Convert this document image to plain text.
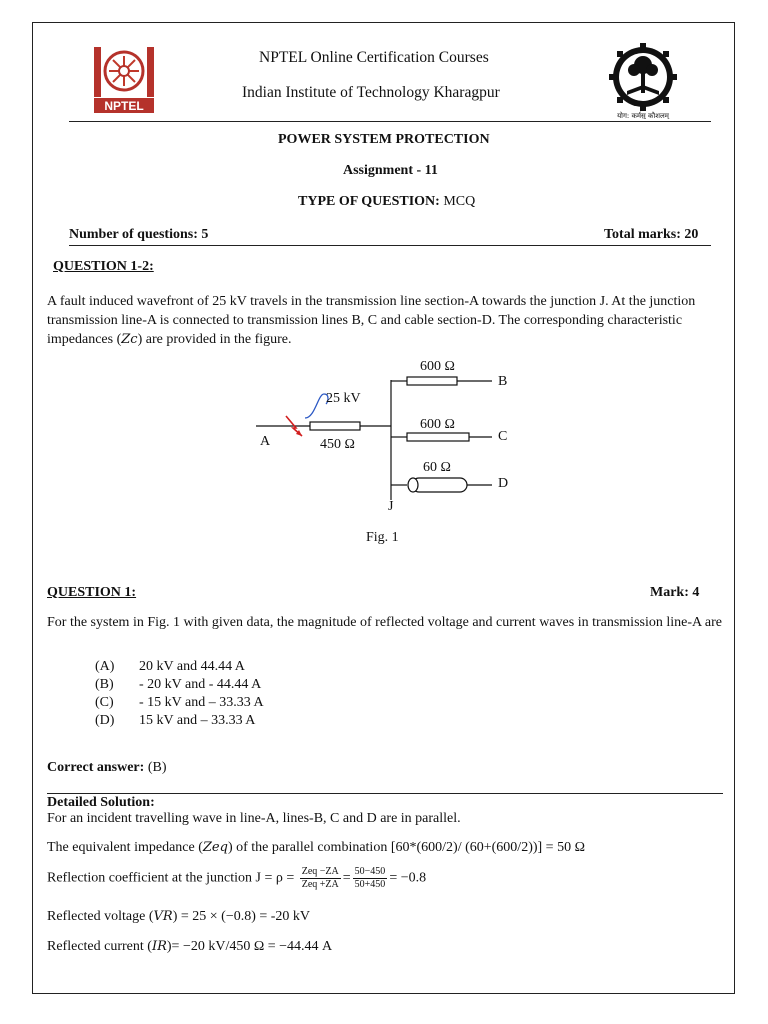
NPTEL
योग: कर्मसु कौशलम्
NPTEL Online Certification Courses
Indian Institute of Technology Kharagpur
POWER SYSTEM PROTECTION
Assignment - 11
TYPE OF QUESTION: MCQ
Number of questions: 5	Total marks: 20
QUESTION 1-2:
A fault induced wavefront of 25 kV travels in the transmission line section-A towards the junction J. At the junction transmission line-A is connected to transmission lines B, C and cable section-D. The corresponding characteristic impedances (Zc) are provided in the figure.
25 kV
A	450 Ω
J
600 Ω
B
600 Ω
C
60 Ω
D
Fig. 1
QUESTION 1:	Mark: 4
For the system in Fig. 1 with given data, the magnitude of reflected voltage and current waves in transmission line-A are
(A) 20 kV and 44.44 A
(B) - 20 kV and - 44.44 A
(C) - 15 kV and – 33.33 A
(D) 15 kV and – 33.33 A
Correct answer: (B)
Detailed Solution:
For an incident travelling wave in line-A, lines-B, C and D are in parallel.
The equivalent impedance (Zeq) of the parallel combination [60*(600/2)/ (60+(600/2))] = 50 Ω
Reflection coefficient at the junction $J = \rho = \frac{\text{Zeq −ZA}}{\text{Zeq +ZA}} = \frac{50-450}{50+450} = -0.8$
Reflected voltage (VR) = 25 × (−0.8) = -20 kV
Reflected current (IR)= −20 kV/450 Ω = −44.44 A
